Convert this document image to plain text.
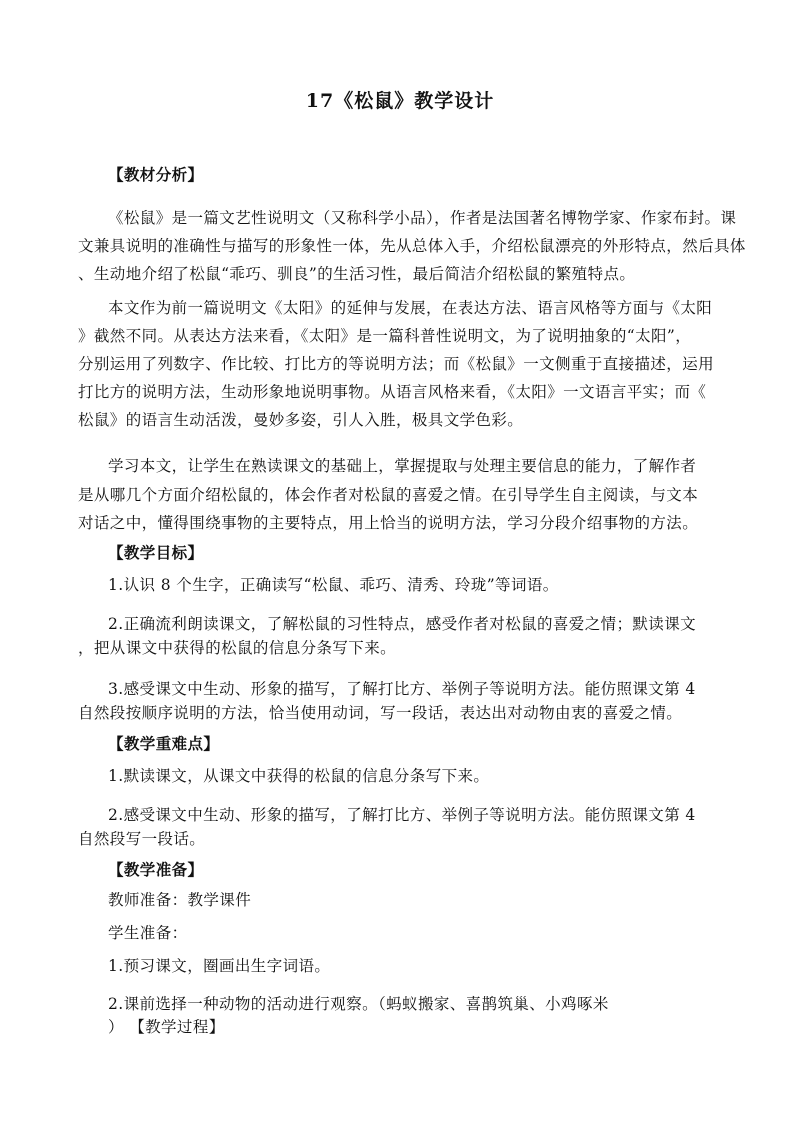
17《松鼠》教学设计
【教材分析】
《松鼠》是一篇文艺性说明文（又称科学小品），作者是法国著名博物学家、作家布封。课
文兼具说明的准确性与描写的形象性一体，先从总体入手，介绍松鼠漂亮的外形特点，然后具体
、生动地介绍了松鼠“乖巧、驯良”的生活习性，最后简洁介绍松鼠的繁殖特点。
本文作为前一篇说明文《太阳》的延伸与发展，在表达方法、语言风格等方面与《太阳
》截然不同。从表达方法来看，《太阳》是一篇科普性说明文，为了说明抽象的“太阳”，
分别运用了列数字、作比较、打比方的等说明方法；而《松鼠》一文侧重于直接描述，运用
打比方的说明方法，生动形象地说明事物。从语言风格来看，《太阳》一文语言平实；而《
松鼠》的语言生动活泼，曼妙多姿，引人入胜，极具文学色彩。
学习本文，让学生在熟读课文的基础上，掌握提取与处理主要信息的能力，了解作者
是从哪几个方面介绍松鼠的，体会作者对松鼠的喜爱之情。在引导学生自主阅读，与文本
对话之中，懂得围绕事物的主要特点，用上恰当的说明方法，学习分段介绍事物的方法。
【教学目标】
1.认识 8 个生字，正确读写“松鼠、乖巧、清秀、玲珑”等词语。
2.正确流利朗读课文，了解松鼠的习性特点，感受作者对松鼠的喜爱之情；默读课文
，把从课文中获得的松鼠的信息分条写下来。
3.感受课文中生动、形象的描写，了解打比方、举例子等说明方法。能仿照课文第 4
自然段按顺序说明的方法，恰当使用动词，写一段话，表达出对动物由衷的喜爱之情。
【教学重难点】
1.默读课文，从课文中获得的松鼠的信息分条写下来。
2.感受课文中生动、形象的描写，了解打比方、举例子等说明方法。能仿照课文第 4
自然段写一段话。
【教学准备】
教师准备：教学课件
学生准备：
1.预习课文，圈画出生字词语。
2.课前选择一种动物的活动进行观察。（蚂蚁搬家、喜鹊筑巢、小鸡啄米
） 【教学过程】
